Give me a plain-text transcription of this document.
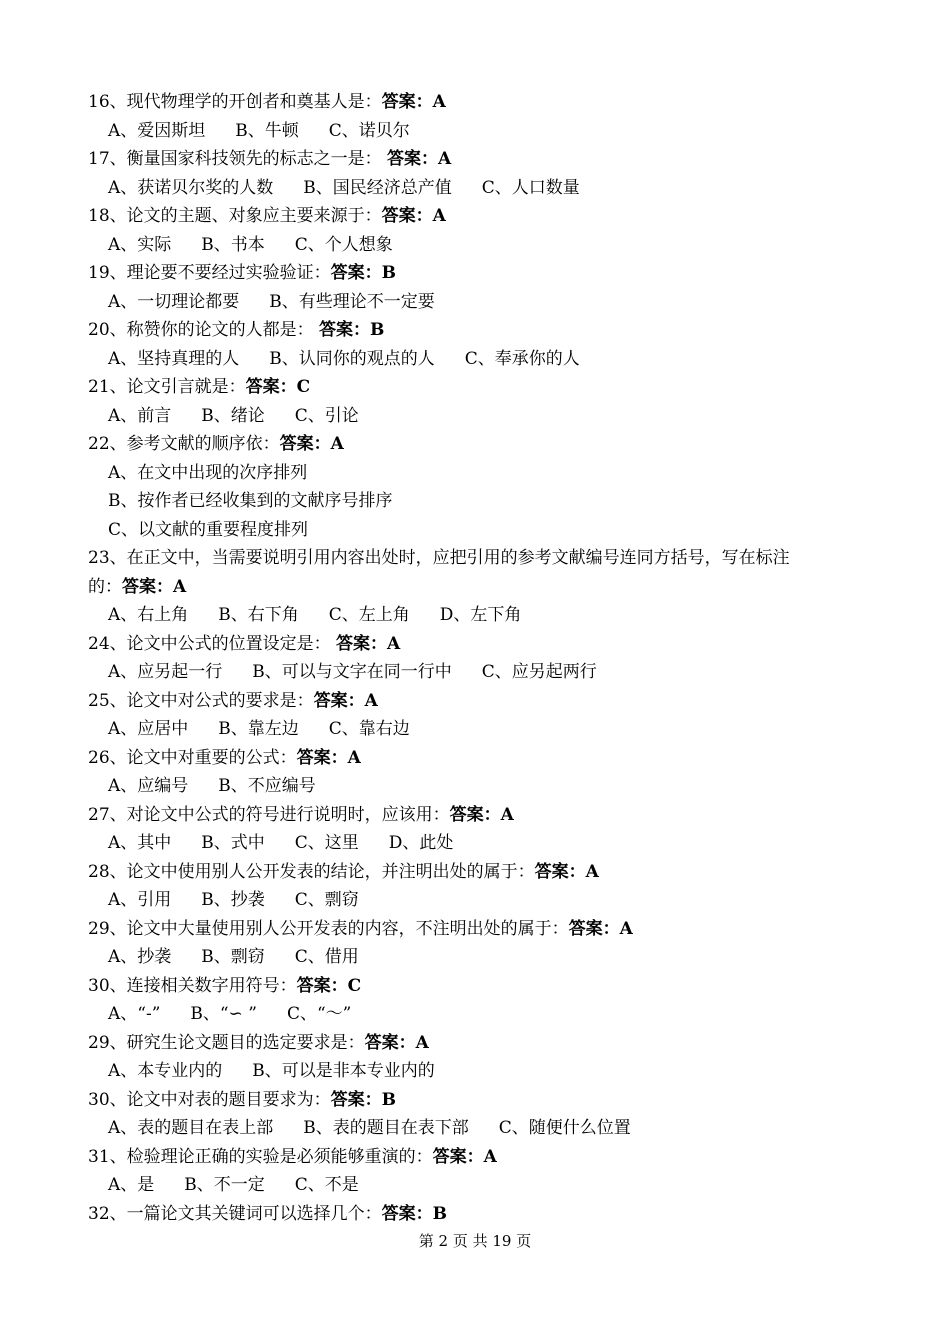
16、现代物理学的开创者和奠基人是：答案：A
A、爱因斯坦 B、牛顿 C、诺贝尔
17、衡量国家科技领先的标志之一是： 答案：A
A、获诺贝尔奖的人数 B、国民经济总产值 C、人口数量
18、论文的主题、对象应主要来源于：答案：A
A、实际 B、书本 C、个人想象
19、理论要不要经过实验验证：答案：B
A、一切理论都要 B、有些理论不一定要
20、称赞你的论文的人都是： 答案：B
A、坚持真理的人 B、认同你的观点的人 C、奉承你的人
21、论文引言就是：答案：C
A、前言 B、绪论 C、引论
22、参考文献的顺序依：答案：A
A、在文中出现的次序排列
B、按作者已经收集到的文献序号排序
C、以文献的重要程度排列
23、在正文中，当需要说明引用内容出处时，应把引用的参考文献编号连同方括号，写在标注
的：答案：A
A、右上角 B、右下角 C、左上角 D、左下角
24、论文中公式的位置设定是： 答案：A
A、应另起一行 B、可以与文字在同一行中 C、应另起两行
25、论文中对公式的要求是：答案：A
A、应居中 B、靠左边 C、靠右边
26、论文中对重要的公式：答案：A
A、应编号 B、不应编号
27、对论文中公式的符号进行说明时，应该用：答案：A
A、其中 B、式中 C、这里 D、此处
28、论文中使用别人公开发表的结论，并注明出处的属于：答案：A
A、引用 B、抄袭 C、剽窃
29、论文中大量使用别人公开发表的内容，不注明出处的属于：答案：A
A、抄袭 B、剽窃 C、借用
30、连接相关数字用符号：答案：C
A、“-” B、“∽ ” C、“～”
29、研究生论文题目的选定要求是：答案：A
A、本专业内的 B、可以是非本专业内的
30、论文中对表的题目要求为：答案：B
A、表的题目在表上部 B、表的题目在表下部 C、随便什么位置
31、检验理论正确的实验是必须能够重演的：答案：A
A、是 B、不一定 C、不是
32、一篇论文其关键词可以选择几个：答案：B
第 2 页 共 19 页
